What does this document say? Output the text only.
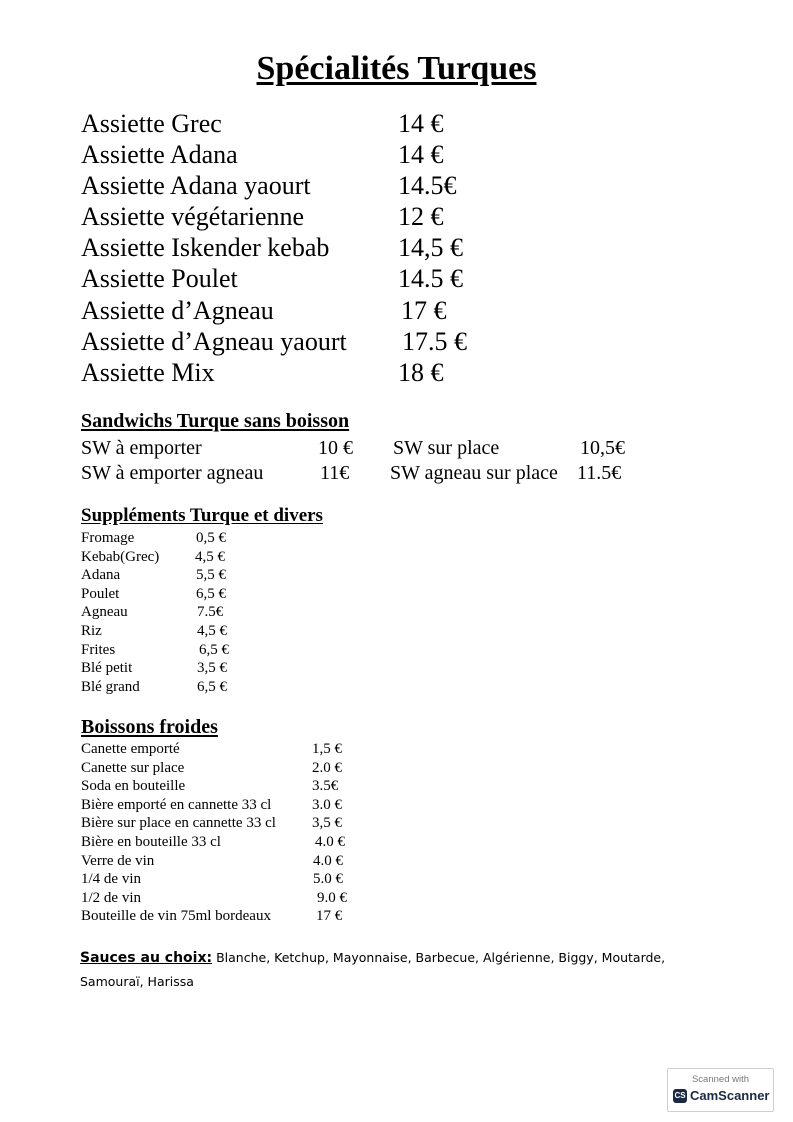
Spécialités Turques
Assiette Grec	14 €
Assiette Adana	14 €
Assiette Adana yaourt	14.5€
Assiette végétarienne	12 €
Assiette Iskender kebab	14,5 €
Assiette Poulet	14.5 €
Assiette d’Agneau	17 €
Assiette d’Agneau yaourt 17.5 €
Assiette Mix	18 €
Sandwichs Turque sans boisson
SW à emporter	10 € SW sur place	10,5€
SW à emporter agneau	11€ SW agneau sur place 11.5€
Suppléments Turque et divers
Fromage	0,5 €
Kebab(Grec) 4,5 €
Adana	5,5 €
Poulet	6,5 €
Agneau	7.5€
Riz	4,5 €
Frites	6,5 €
Blé petit	3,5 €
Blé grand	6,5 €
Boissons froides
Canette emporté	1,5 €
Canette sur place	2.0 €
Soda en bouteille	3.5€
Bière emporté en cannette 33 cl	3.0 €
Bière sur place en cannette 33 cl 3,5 €
Bière en bouteille 33 cl	4.0 €
Verre de vin	4.0 €
1/4 de vin	5.0 €
1/2 de vin	9.0 €
Bouteille de vin 75ml bordeaux	17 €
Sauces au choix: Blanche, Ketchup, Mayonnaise, Barbecue, Algérienne, Biggy, Moutarde, Samouraï, Harissa
Scanned with
CS CamScanner
